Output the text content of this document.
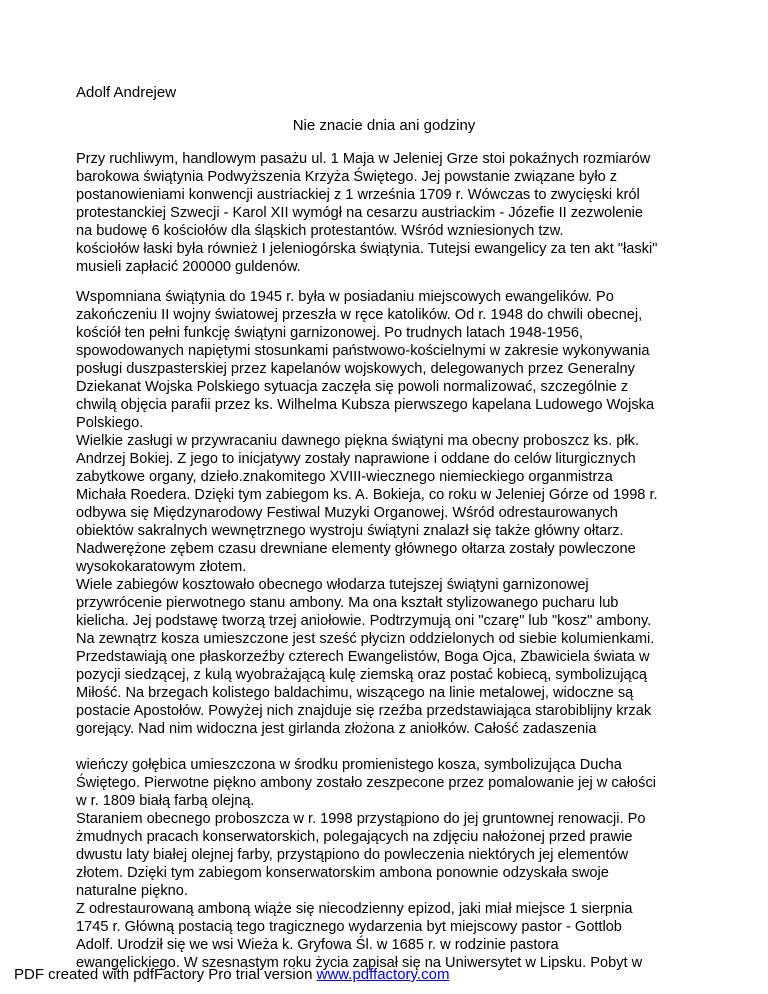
Adolf Andrejew
Nie znacie dnia ani godziny
Przy ruchliwym, handlowym pasażu ul. 1 Maja w Jeleniej Grze stoi pokaźnych rozmiarów
barokowa świątynia Podwyższenia Krzyża Świętego. Jej powstanie związane było z
postanowieniami konwencji austriackiej z 1 września 1709 r. Wówczas to zwycięski król
protestanckiej Szwecji - Karol XII wymógł na cesarzu austriackim - Józefie II zezwolenie
na budowę 6 kościołów dla śląskich protestantów. Wśród wzniesionych tzw.
kościołów łaski była również I jeleniogórska świątynia. Tutejsi ewangelicy za ten akt "łaski"
musieli zapłacić 200000 guldenów.
Wspomniana świątynia do 1945 r. była w posiadaniu miejscowych ewangelików. Po
zakończeniu II wojny światowej przeszła w ręce katolików. Od r. 1948 do chwili obecnej,
kościół ten pełni funkcję świątyni garnizonowej. Po trudnych latach 1948-1956,
spowodowanych napiętymi stosunkami państwowo-kościelnymi w zakresie wykonywania
posługi duszpasterskiej przez kapelanów wojskowych, delegowanych przez Generalny
Dziekanat Wojska Polskiego sytuacja zaczęła się powoli normalizować, szczególnie z
chwilą objęcia parafii przez ks. Wilhelma Kubsza pierwszego kapelana Ludowego Wojska
Polskiego.
Wielkie zasługi w przywracaniu dawnego piękna świątyni ma obecny proboszcz ks. płk.
Andrzej Bokiej. Z jego to inicjatywy zostały naprawione i oddane do celów liturgicznych
zabytkowe organy, dzieło.znakomitego XVIII-wiecznego niemieckiego organmistrza
Michała Roedera. Dzięki tym zabiegom ks. A. Bokieja, co roku w Jeleniej Górze od 1998 r.
odbywa się Międzynarodowy Festiwal Muzyki Organowej. Wśród odrestaurowanych
obiektów sakralnych wewnętrznego wystroju świątyni znalazł się także główny ołtarz.
Nadwerężone zębem czasu drewniane elementy głównego ołtarza zostały powleczone
wysokokaratowym złotem.
Wiele zabiegów kosztowało obecnego włodarza tutejszej świątyni garnizonowej
przywrócenie pierwotnego stanu ambony. Ma ona kształt stylizowanego pucharu lub
kielicha. Jej podstawę tworzą trzej aniołowie. Podtrzymują oni "czarę" lub "kosz" ambony.
Na zewnątrz kosza umieszczone jest sześć płycizn oddzielonych od siebie kolumienkami.
Przedstawiają one płaskorzeźby czterech Ewangelistów, Boga Ojca, Zbawiciela świata w
pozycji siedzącej, z kulą wyobrażającą kulę ziemską oraz postać kobiecą, symbolizującą
Miłość. Na brzegach kolistego baldachimu, wiszącego na linie metalowej, widoczne są
postacie Apostołów. Powyżej nich znajduje się rzeźba przedstawiająca starobiblijny krzak
gorejący. Nad nim widoczna jest girlanda złożona z aniołków. Całość zadaszenia
wieńczy gołębica umieszczona w środku promienistego kosza, symbolizująca Ducha
Świętego. Pierwotne piękno ambony zostało zeszpecone przez pomalowanie jej w całości
w r. 1809 białą farbą olejną.
Staraniem obecnego proboszcza w r. 1998 przystąpiono do jej gruntownej renowacji. Po
żmudnych pracach konserwatorskich, polegających na zdjęciu nałożonej przed prawie
dwustu laty białej olejnej farby, przystąpiono do powleczenia niektórych jej elementów
złotem. Dzięki tym zabiegom konserwatorskim ambona ponownie odzyskała swoje
naturalne piękno.
Z odrestaurowaną amboną wiąże się niecodzienny epizod, jaki miał miejsce 1 sierpnia
1745 r. Główną postacią tego tragicznego wydarzenia byt miejscowy pastor - Gottlob
Adolf. Urodził się we wsi Wieża k. Gryfowa Śl. w 1685 r. w rodzinie pastora
ewangelickiego. W szesnastym roku życia zapisał się na Uniwersytet w Lipsku. Pobyt w
PDF created with pdfFactory Pro trial version www.pdffactory.com
